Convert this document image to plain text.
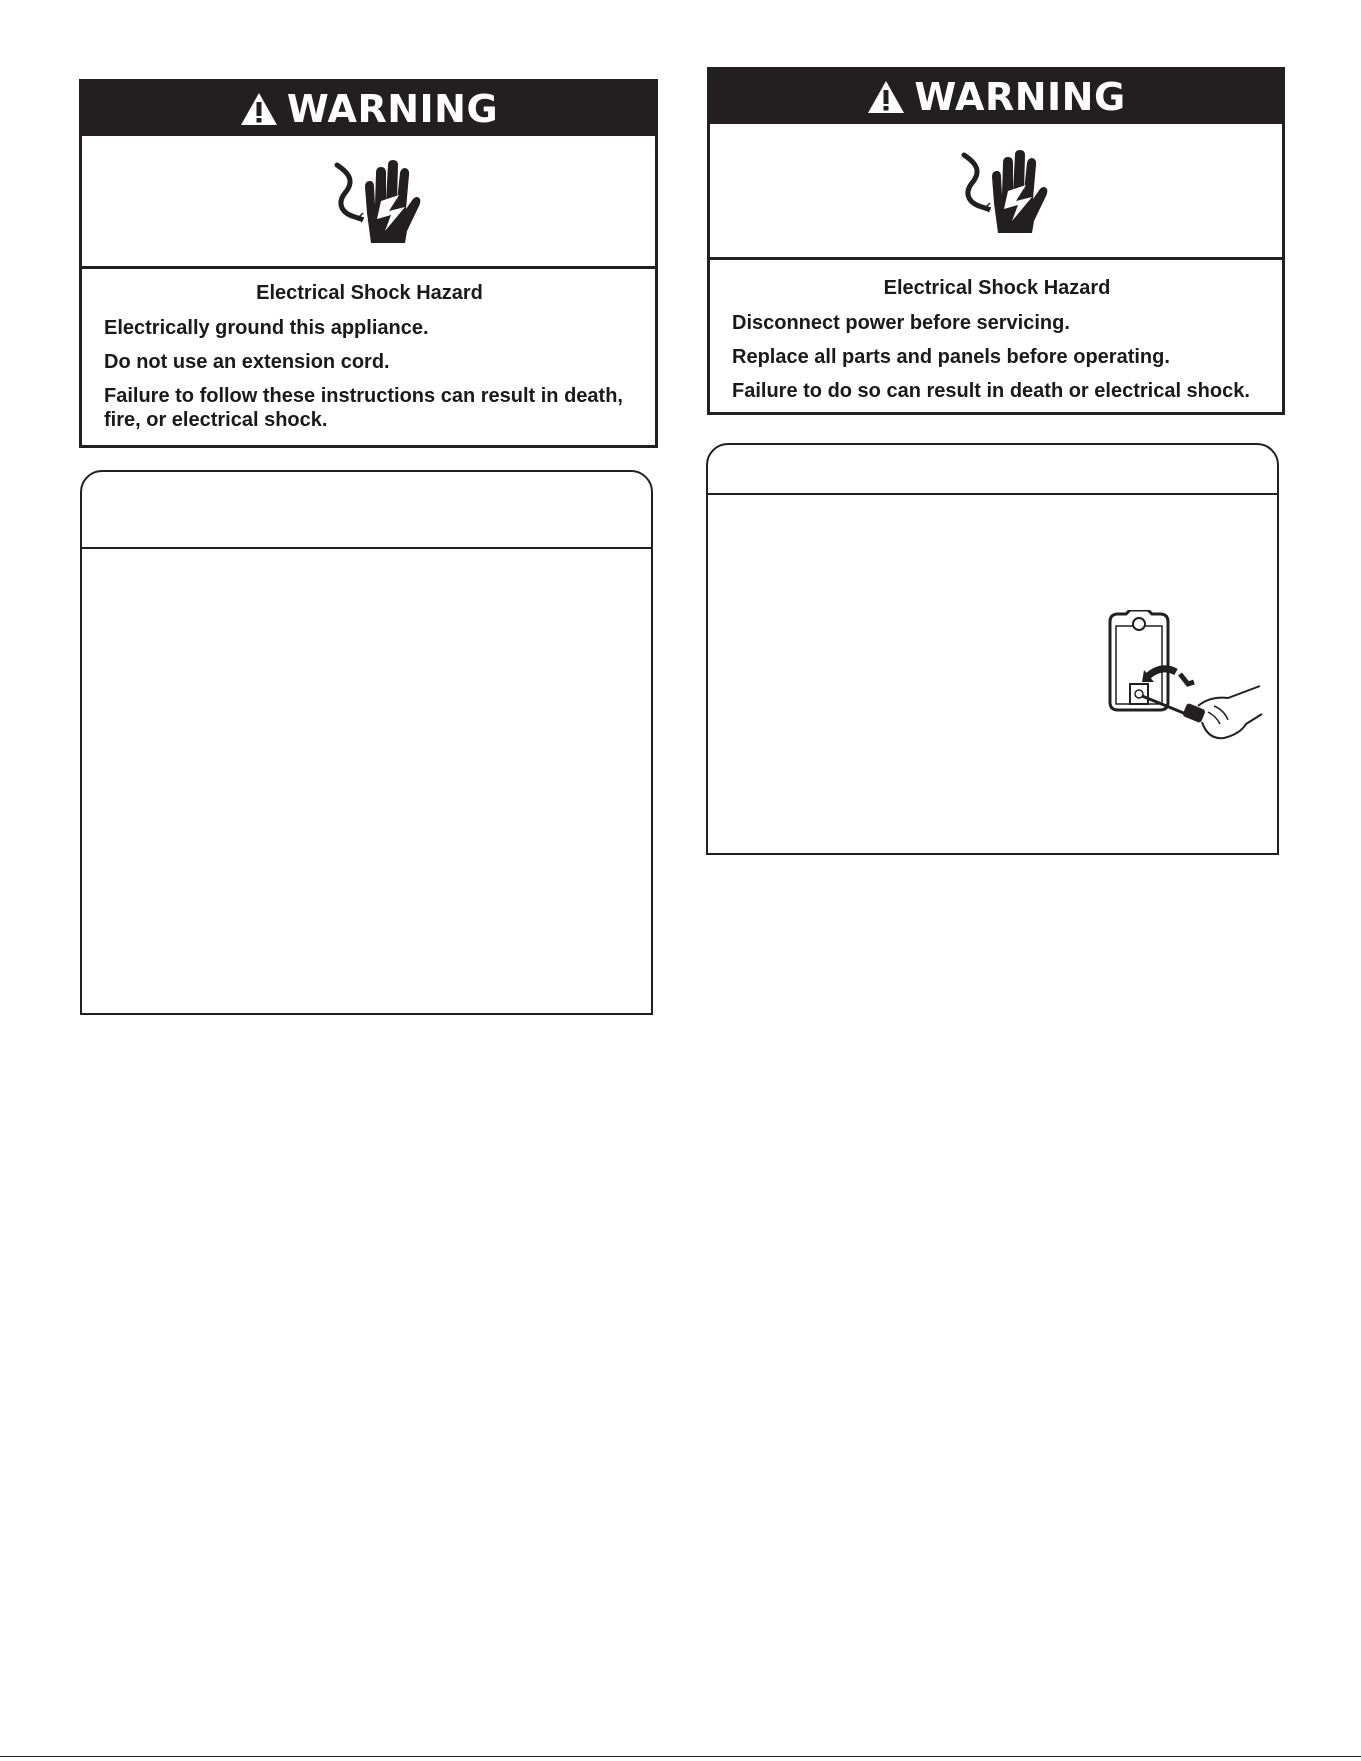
WARNING

Electrical Shock Hazard

Electrically ground this appliance.

Do not use an extension cord.

Failure to follow these instructions can result in death, fire, or electrical shock.

WARNING

Electrical Shock Hazard

Disconnect power before servicing.

Replace all parts and panels before operating.

Failure to do so can result in death or electrical shock.
